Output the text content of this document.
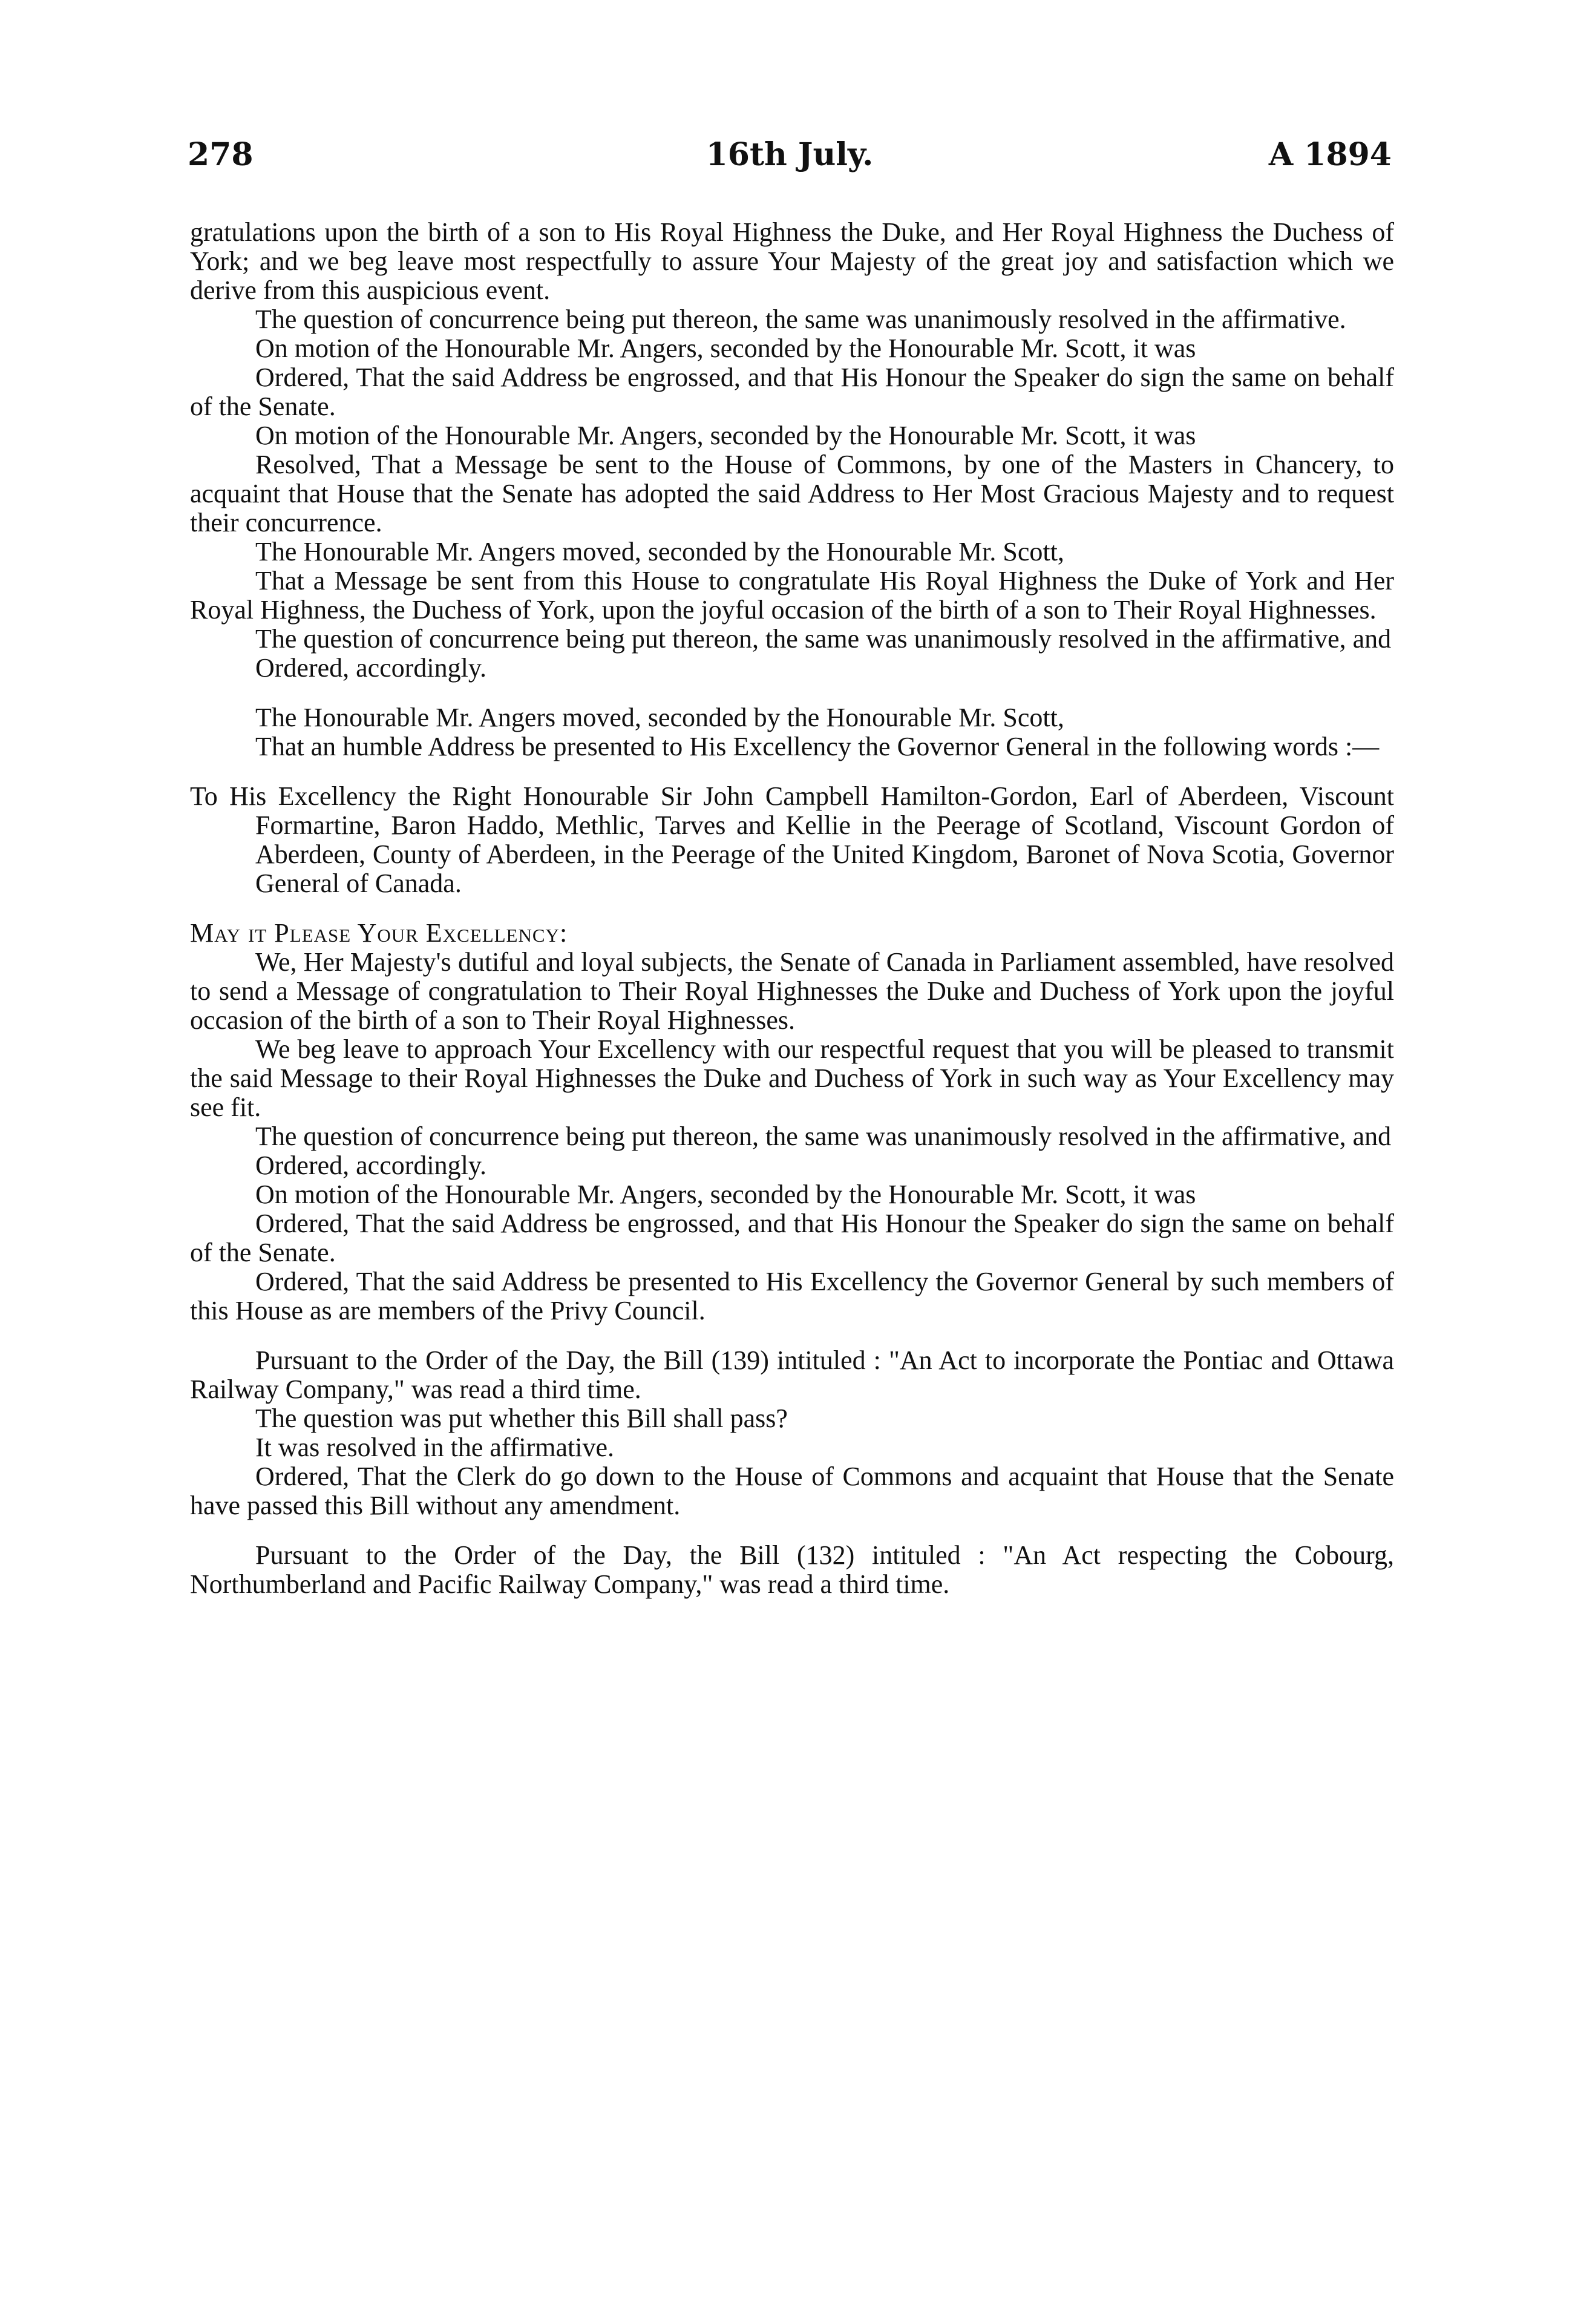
16th July.
278	A 1894

gratulations upon the birth of a son to His Royal Highness the Duke, and Her Royal Highness the Duchess of York; and we beg leave most respectfully to assure Your Majesty of the great joy and satisfaction which we derive from this auspicious event.

The question of concurrence being put thereon, the same was unanimously resolved in the affirmative.

On motion of the Honourable Mr. Angers, seconded by the Honourable Mr. Scott, it was

Ordered, That the said Address be engrossed, and that His Honour the Speaker do sign the same on behalf of the Senate.

On motion of the Honourable Mr. Angers, seconded by the Honourable Mr. Scott, it was

Resolved, That a Message be sent to the House of Commons, by one of the Masters in Chancery, to acquaint that House that the Senate has adopted the said Address to Her Most Gracious Majesty and to request their concurrence.

The Honourable Mr. Angers moved, seconded by the Honourable Mr. Scott,

That a Message be sent from this House to congratulate His Royal Highness the Duke of York and Her Royal Highness, the Duchess of York, upon the joyful occasion of the birth of a son to Their Royal Highnesses.

The question of concurrence being put thereon, the same was unanimously resolved in the affirmative, and

Ordered, accordingly.

The Honourable Mr. Angers moved, seconded by the Honourable Mr. Scott,

That an humble Address be presented to His Excellency the Governor General in the following words :—

To His Excellency the Right Honourable Sir John Campbell Hamilton-Gordon, Earl of Aberdeen, Viscount Formartine, Baron Haddo, Methlic, Tarves and Kellie in the Peerage of Scotland, Viscount Gordon of Aberdeen, County of Aberdeen, in the Peerage of the United Kingdom, Baronet of Nova Scotia, Governor General of Canada.

May it Please Your Excellency:

We, Her Majesty's dutiful and loyal subjects, the Senate of Canada in Parliament assembled, have resolved to send a Message of congratulation to Their Royal Highnesses the Duke and Duchess of York upon the joyful occasion of the birth of a son to Their Royal Highnesses.

We beg leave to approach Your Excellency with our respectful request that you will be pleased to transmit the said Message to their Royal Highnesses the Duke and Duchess of York in such way as Your Excellency may see fit.

The question of concurrence being put thereon, the same was unanimously resolved in the affirmative, and

Ordered, accordingly.

On motion of the Honourable Mr. Angers, seconded by the Honourable Mr. Scott, it was

Ordered, That the said Address be engrossed, and that His Honour the Speaker do sign the same on behalf of the Senate.

Ordered, That the said Address be presented to His Excellency the Governor General by such members of this House as are members of the Privy Council.

Pursuant to the Order of the Day, the Bill (139) intituled : "An Act to incorporate the Pontiac and Ottawa Railway Company," was read a third time.

The question was put whether this Bill shall pass?

It was resolved in the affirmative.

Ordered, That the Clerk do go down to the House of Commons and acquaint that House that the Senate have passed this Bill without any amendment.

Pursuant to the Order of the Day, the Bill (132) intituled : "An Act respecting the Cobourg, Northumberland and Pacific Railway Company," was read a third time.
